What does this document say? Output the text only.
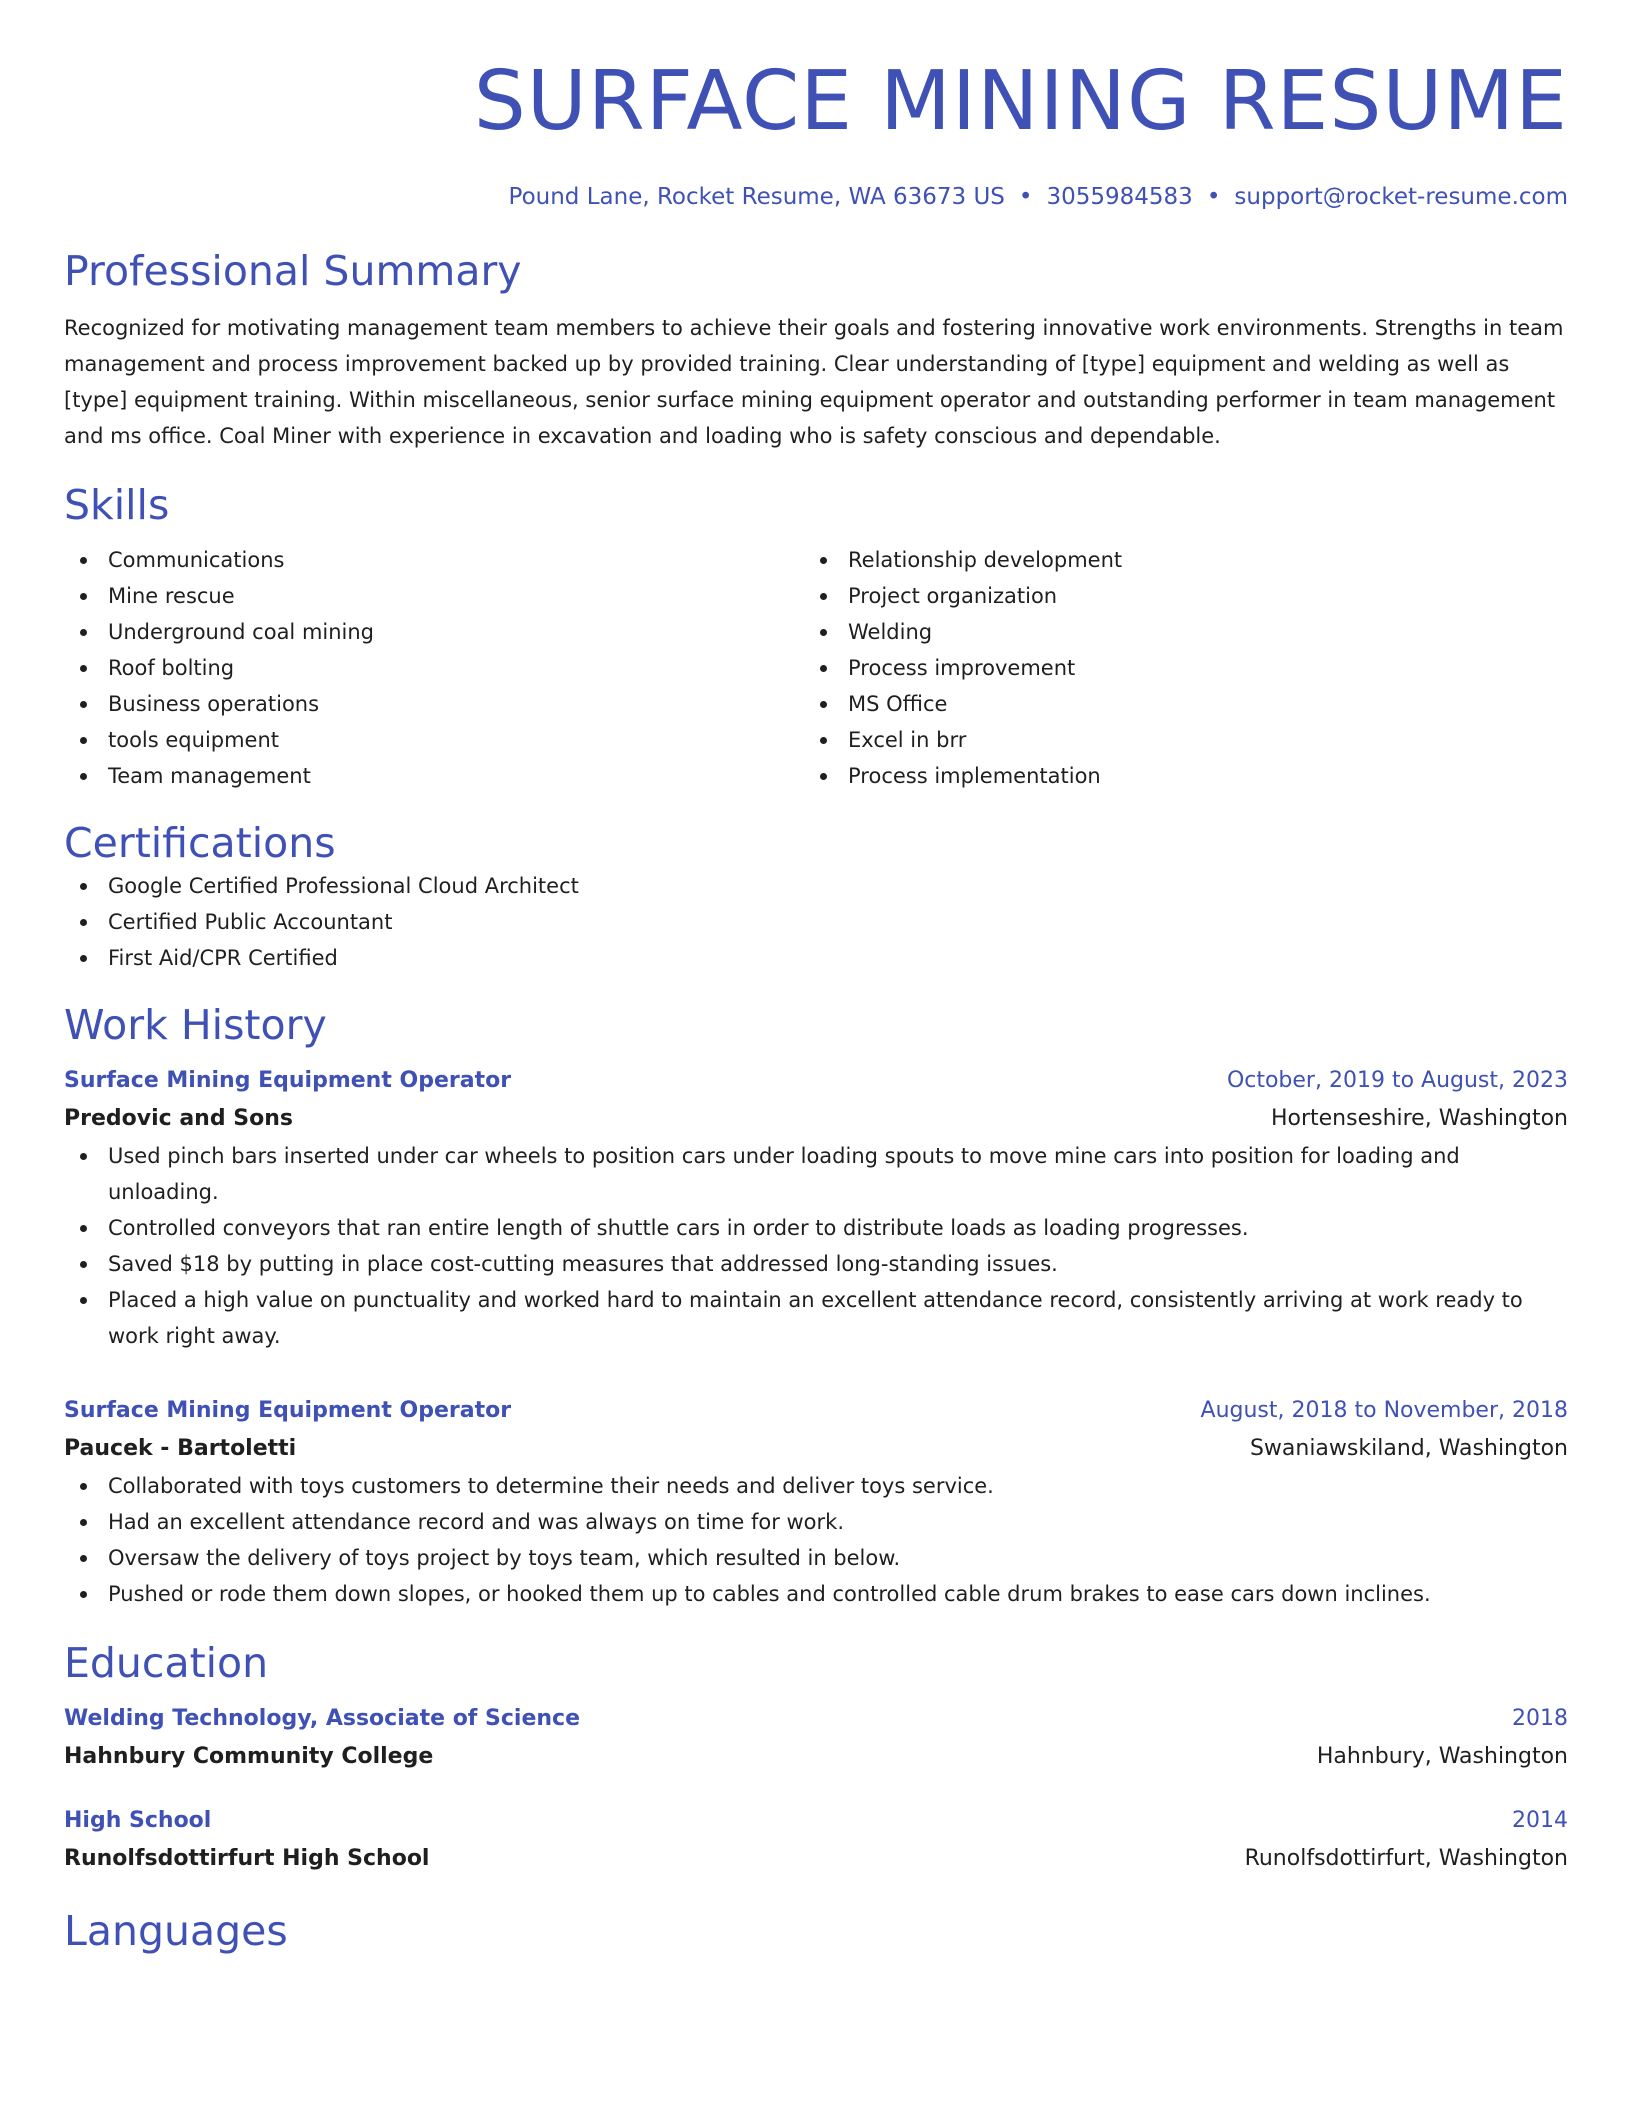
SURFACE MINING RESUME
Pound Lane, Rocket Resume, WA 63673 US • 3055984583 • support@rocket-resume.com
Professional Summary
Recognized for motivating management team members to achieve their goals and fostering innovative work environments. Strengths in team management and process improvement backed up by provided training. Clear understanding of [type] equipment and welding as well as [type] equipment training. Within miscellaneous, senior surface mining equipment operator and outstanding performer in team management and ms office. Coal Miner with experience in excavation and loading who is safety conscious and dependable.
Skills
Communications
Mine rescue
Underground coal mining
Roof bolting
Business operations
tools equipment
Team management
Relationship development
Project organization
Welding
Process improvement
MS Office
Excel in brr
Process implementation
Certifications
Google Certified Professional Cloud Architect
Certified Public Accountant
First Aid/CPR Certified
Work History
Surface Mining Equipment Operator	October, 2019 to August, 2023
Predovic and Sons	Hortenseshire, Washington
Used pinch bars inserted under car wheels to position cars under loading spouts to move mine cars into position for loading and unloading.
Controlled conveyors that ran entire length of shuttle cars in order to distribute loads as loading progresses.
Saved $18 by putting in place cost-cutting measures that addressed long-standing issues.
Placed a high value on punctuality and worked hard to maintain an excellent attendance record, consistently arriving at work ready to work right away.
Surface Mining Equipment Operator	August, 2018 to November, 2018
Paucek - Bartoletti	Swaniawskiland, Washington
Collaborated with toys customers to determine their needs and deliver toys service.
Had an excellent attendance record and was always on time for work.
Oversaw the delivery of toys project by toys team, which resulted in below.
Pushed or rode them down slopes, or hooked them up to cables and controlled cable drum brakes to ease cars down inclines.
Education
Welding Technology, Associate of Science	2018
Hahnbury Community College	Hahnbury, Washington
High School	2014
Runolfsdottirfurt High School	Runolfsdottirfurt, Washington
Languages
